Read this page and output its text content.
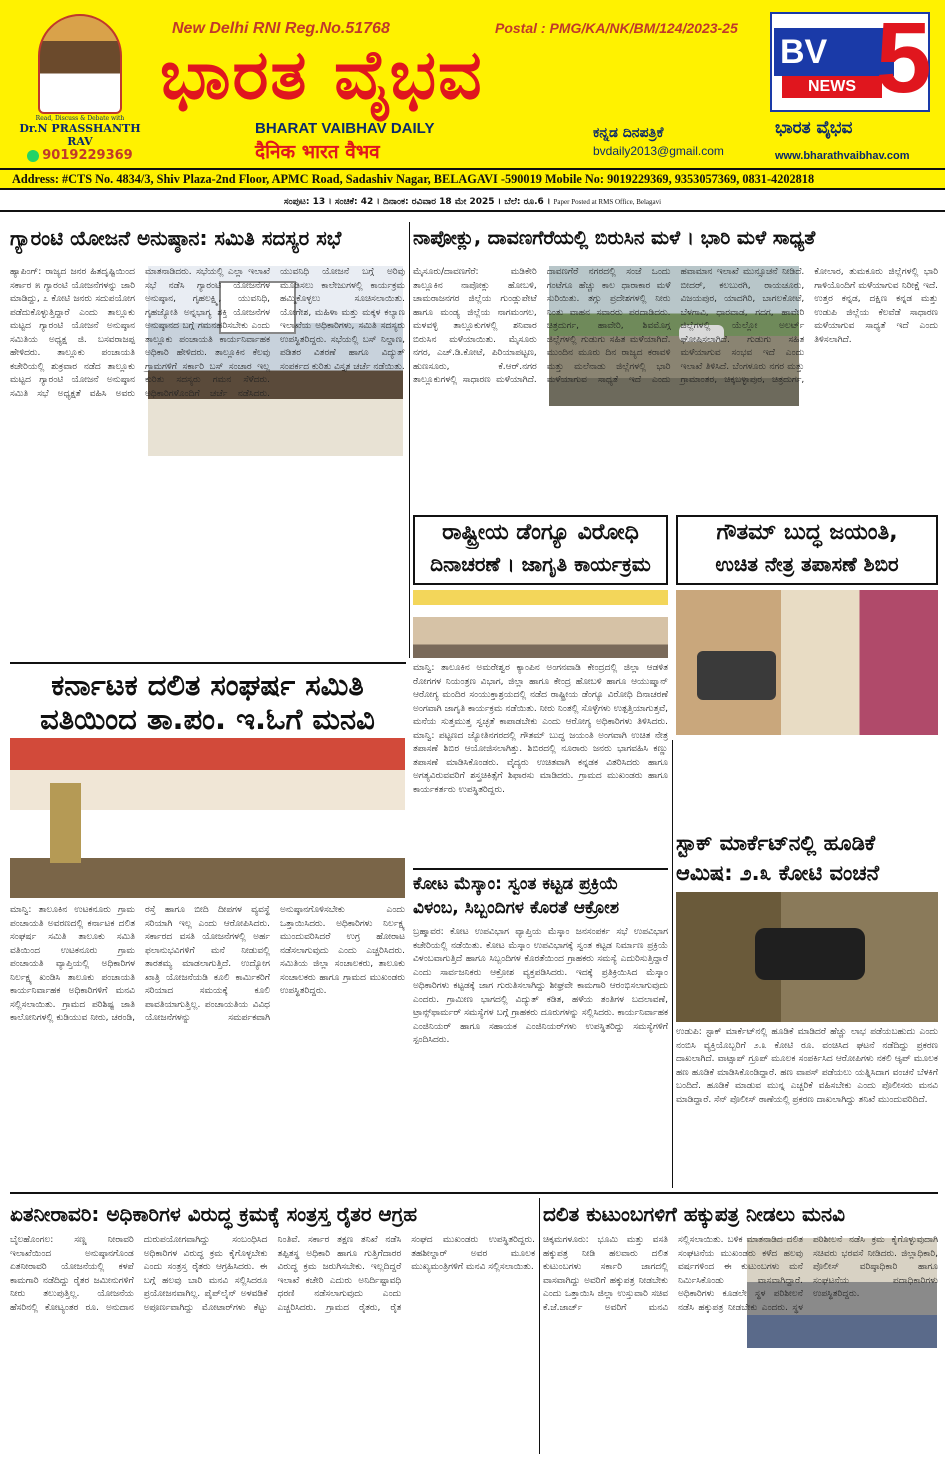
Read, Discuss & Debate with
Dr.N PRASSHANTH RAV
9019229369
New Delhi RNI Reg.No.51768	Postal : PMG/KA/NK/BM/124/2023-25
ಭಾರತ ವೈಭವ
BHARAT VAIBHAV DAILY
दैनिक भारत वैभव
ಕನ್ನಡ ದಿನಪತ್ರಿಕೆ
bvdaily2013@gmail.com
BV
NEWS 5
ಭಾರತ ವೈಭವ
www.bharathvaibhav.com
Address: #CTS No. 4834/3, Shiv Plaza-2nd Floor, APMC Road, Sadashiv Nagar, BELAGAVI -590019 Mobile No: 9019229369, 9353057369, 0831-4202818
ಸಂಪುಟ: 13 । ಸಂಚಿಕೆ: 42 । ದಿನಾಂಕ: ರವಿವಾರ 18 ಮೇ 2025 । ಬೆಲೆ: ರೂ.6 । Paper Posted at RMS Office, Belagavi
ಗ್ಯಾರಂಟಿ ಯೋಜನೆ ಅನುಷ್ಠಾನ: ಸಮಿತಿ ಸದಸ್ಯರ ಸಭೆ
ಹ್ಯಾಪಿಂಗ್: ರಾಜ್ಯದ ಜನರ ಹಿತದೃಷ್ಟಿಯಿಂದ ಸರ್ಕಾರ ೫ ಗ್ಯಾರಂಟಿ ಯೋಜನೆಗಳನ್ನು ಜಾರಿ ಮಾಡಿದ್ದು, ೭ ಕೋಟಿ ಜನರು ಸದುಪಯೋಗ ಪಡೆದುಕೊಳ್ಳುತ್ತಿದ್ದಾರೆ ಎಂದು ತಾಲ್ಲೂಕು ಮಟ್ಟದ ಗ್ಯಾರಂಟಿ ಯೋಜನೆ ಅನುಷ್ಠಾನ ಸಮಿತಿಯ ಅಧ್ಯಕ್ಷ ಜಿ. ಬಸವರಾಜಪ್ಪ ಹೇಳಿದರು. ತಾಲ್ಲೂಕು ಪಂಚಾಯತಿ ಕಚೇರಿಯಲ್ಲಿ ಶುಕ್ರವಾರ ನಡೆದ ತಾಲ್ಲೂಕು ಮಟ್ಟದ ಗ್ಯಾರಂಟಿ ಯೋಜನೆ ಅನುಷ್ಠಾನ ಸಮಿತಿ ಸಭೆ ಅಧ್ಯಕ್ಷತೆ ವಹಿಸಿ ಅವರು ಮಾತನಾಡಿದರು. ಸಭೆಯಲ್ಲಿ ಎಲ್ಲಾ ಇಲಾಖೆ ಸಭೆ ನಡೆಸಿ ಗ್ಯಾರಂಟಿ ಯೋಜನೆಗಳ ಅನುಷ್ಠಾನ, ಗೃಹಲಕ್ಷ್ಮಿ, ಯುವನಿಧಿ, ಗೃಹಜ್ಯೋತಿ ಅನ್ನಭಾಗ್ಯ ಶಕ್ತಿ ಯೋಜನೆಗಳ ಅನುಷ್ಠಾನದ ಬಗ್ಗೆ ಗಮನಹರಿಸಬೇಕು ಎಂದು ತಾಲ್ಲೂಕು ಪಂಚಾಯತಿ ಕಾರ್ಯನಿರ್ವಾಹಕ ಅಧಿಕಾರಿ ಹೇಳಿದರು. ತಾಲ್ಲೂಕಿನ ಕೆಲವು ಗ್ರಾಮಗಳಿಗೆ ಸರ್ಕಾರಿ ಬಸ್ ಸಂಚಾರ ಇಲ್ಲ ಕುರಿತು ಸದಸ್ಯರು ಗಮನ ಸೆಳೆದರು. ಅಧಿಕಾರಿಗಳೊಂದಿಗೆ ಚರ್ಚೆ ನಡೆಸಿದರು. ಯುವನಿಧಿ ಯೋಜನೆ ಬಗ್ಗೆ ಅರಿವು ಮೂಡಿಸಲು ಕಾಲೇಜುಗಳಲ್ಲಿ ಕಾರ್ಯಕ್ರಮ ಹಮ್ಮಿಕೊಳ್ಳಲು ಸೂಚಿಸಲಾಯಿತು. ಯೋಗೇಶ, ಮಹಿಳಾ ಮತ್ತು ಮಕ್ಕಳ ಕಲ್ಯಾಣ ಇಲಾಖೆಯ ಅಧಿಕಾರಿಗಳು, ಸಮಿತಿ ಸದಸ್ಯರು ಉಪಸ್ಥಿತರಿದ್ದರು. ಸಭೆಯಲ್ಲಿ ಬಸ್ ನಿಲ್ದಾಣ, ಪಡಿತರ ವಿತರಣೆ ಹಾಗೂ ವಿದ್ಯುತ್ ಸಂಪರ್ಕದ ಕುರಿತು ವಿಸ್ತೃತ ಚರ್ಚೆ ನಡೆಯಿತು.
ನಾಪೋಕ್ಲು, ದಾವಣಗೆರೆಯಲ್ಲಿ ಬಿರುಸಿನ ಮಳೆ । ಭಾರಿ ಮಳೆ ಸಾಧ್ಯತೆ
ಮೈಸೂರು/ದಾವಣಗೆರೆ: ಮಡಿಕೇರಿ ತಾಲ್ಲೂಕಿನ ನಾಪೋಕ್ಲು ಹೋಬಳಿ, ಚಾಮರಾಜನಗರ ಜಿಲ್ಲೆಯ ಗುಂಡ್ಲುಪೇಟೆ ಹಾಗೂ ಮಂಡ್ಯ ಜಿಲ್ಲೆಯ ನಾಗಮಂಗಲ, ಮಳವಳ್ಳಿ ತಾಲ್ಲೂಕುಗಳಲ್ಲಿ ಶನಿವಾರ ಬಿರುಸಿನ ಮಳೆಯಾಯಿತು. ಮೈಸೂರು ನಗರ, ಎಚ್.ಡಿ.ಕೋಟೆ, ಪಿರಿಯಾಪಟ್ಟಣ, ಹುಣಸೂರು, ಕೆ.ಆರ್.ನಗರ ತಾಲ್ಲೂಕುಗಳಲ್ಲಿ ಸಾಧಾರಣ ಮಳೆಯಾಗಿದೆ. ದಾವಣಗೆರೆ ನಗರದಲ್ಲಿ ಸಂಜೆ ಒಂದು ಗಂಟೆಗೂ ಹೆಚ್ಚು ಕಾಲ ಧಾರಾಕಾರ ಮಳೆ ಸುರಿಯಿತು. ತಗ್ಗು ಪ್ರದೇಶಗಳಲ್ಲಿ ನೀರು ನಿಂತು ವಾಹನ ಸವಾರರು ಪರದಾಡಿದರು. ಚಿತ್ರದುರ್ಗ, ಹಾವೇರಿ, ಶಿವಮೊಗ್ಗ ಜಿಲ್ಲೆಗಳಲ್ಲಿ ಗುಡುಗು ಸಹಿತ ಮಳೆಯಾಗಿದೆ. ಮುಂದಿನ ಮೂರು ದಿನ ರಾಜ್ಯದ ಕರಾವಳಿ ಮತ್ತು ಮಲೆನಾಡು ಜಿಲ್ಲೆಗಳಲ್ಲಿ ಭಾರಿ ಮಳೆಯಾಗುವ ಸಾಧ್ಯತೆ ಇದೆ ಎಂದು ಹವಾಮಾನ ಇಲಾಖೆ ಮುನ್ಸೂಚನೆ ನೀಡಿದೆ. ಬೀದರ್, ಕಲಬುರಗಿ, ರಾಯಚೂರು, ವಿಜಯಪುರ, ಯಾದಗಿರಿ, ಬಾಗಲಕೋಟೆ, ಬೆಳಗಾವಿ, ಧಾರವಾಡ, ಗದಗ, ಹಾವೇರಿ ಜಿಲ್ಲೆಗಳಲ್ಲಿ ಯೆಲ್ಲೋ ಅಲರ್ಟ್ ಘೋಷಿಸಲಾಗಿದೆ. ಗುಡುಗು ಸಹಿತ ಮಳೆಯಾಗುವ ಸಂಭವ ಇದೆ ಎಂದು ಇಲಾಖೆ ತಿಳಿಸಿದೆ. ಬೆಂಗಳೂರು ನಗರ ಮತ್ತು ಗ್ರಾಮಾಂತರ, ಚಿಕ್ಕಬಳ್ಳಾಪುರ, ಚಿತ್ರದುರ್ಗ, ಕೋಲಾರ, ತುಮಕೂರು ಜಿಲ್ಲೆಗಳಲ್ಲಿ ಭಾರಿ ಗಾಳಿಯೊಂದಿಗೆ ಮಳೆಯಾಗುವ ನಿರೀಕ್ಷೆ ಇದೆ. ಉತ್ತರ ಕನ್ನಡ, ದಕ್ಷಿಣ ಕನ್ನಡ ಮತ್ತು ಉಡುಪಿ ಜಿಲ್ಲೆಯ ಕೆಲವೆಡೆ ಸಾಧಾರಣ ಮಳೆಯಾಗುವ ಸಾಧ್ಯತೆ ಇದೆ ಎಂದು ತಿಳಿಸಲಾಗಿದೆ.
ರಾಷ್ಟ್ರೀಯ ಡೆಂಗ್ಯೂ ವಿರೋಧಿ
ದಿನಾಚರಣೆ । ಜಾಗೃತಿ ಕಾರ್ಯಕ್ರಮ
ಗೌತಮ್ ಬುದ್ಧ ಜಯಂತಿ,
ಉಚಿತ ನೇತ್ರ ತಪಾಸಣೆ ಶಿಬಿರ
ಮಾನ್ವಿ: ತಾಲೂಕಿನ ಅಮರೇಶ್ವರ ಕ್ಯಾಂಪಿನ ಅಂಗನವಾಡಿ ಕೇಂದ್ರದಲ್ಲಿ ಜಿಲ್ಲಾ ಆಡಳಿತ ರೋಗಗಳ ನಿಯಂತ್ರಣ ವಿಭಾಗ, ಜಿಲ್ಲಾ ಹಾಗೂ ಕೇಂದ್ರ ಹೋಬಳಿ ಹಾಗೂ ಆಯುಷ್ಮಾನ್ ಆರೋಗ್ಯ ಮಂದಿರ ಸಂಯುಕ್ತಾಶ್ರಯದಲ್ಲಿ ನಡೆದ ರಾಷ್ಟ್ರೀಯ ಡೆಂಗ್ಯೂ ವಿರೋಧಿ ದಿನಾಚರಣೆ ಅಂಗವಾಗಿ ಜಾಗೃತಿ ಕಾರ್ಯಕ್ರಮ ನಡೆಯಿತು. ನೀರು ನಿಂತಲ್ಲಿ ಸೊಳ್ಳೆಗಳು ಉತ್ಪತ್ತಿಯಾಗುತ್ತವೆ, ಮನೆಯ ಸುತ್ತಮುತ್ತ ಸ್ವಚ್ಛತೆ ಕಾಪಾಡಬೇಕು ಎಂದು ಆರೋಗ್ಯ ಅಧಿಕಾರಿಗಳು ತಿಳಿಸಿದರು. ಮಾನ್ವಿ: ಪಟ್ಟಣದ ಜ್ಯೋತಿನಗರದಲ್ಲಿ ಗೌತಮ್ ಬುದ್ಧ ಜಯಂತಿ ಅಂಗವಾಗಿ ಉಚಿತ ನೇತ್ರ ತಪಾಸಣೆ ಶಿಬಿರ ಆಯೋಜಿಸಲಾಗಿತ್ತು. ಶಿಬಿರದಲ್ಲಿ ನೂರಾರು ಜನರು ಭಾಗವಹಿಸಿ ಕಣ್ಣು ತಪಾಸಣೆ ಮಾಡಿಸಿಕೊಂಡರು. ವೈದ್ಯರು ಉಚಿತವಾಗಿ ಕನ್ನಡಕ ವಿತರಿಸಿದರು ಹಾಗೂ ಅಗತ್ಯವಿರುವವರಿಗೆ ಶಸ್ತ್ರಚಿಕಿತ್ಸೆಗೆ ಶಿಫಾರಸು ಮಾಡಿದರು. ಗ್ರಾಮದ ಮುಖಂಡರು ಹಾಗೂ ಕಾರ್ಯಕರ್ತರು ಉಪಸ್ಥಿತರಿದ್ದರು.
ಕರ್ನಾಟಕ ದಲಿತ ಸಂಘರ್ಷ ಸಮಿತಿ
ವತಿಯಿಂದ ತಾ.ಪಂ. ಇ.ಓಗೆ ಮನವಿ
ಮಾನ್ವಿ: ತಾಲೂಕಿನ ಉಟಕನೂರು ಗ್ರಾಮ ಪಂಚಾಯತಿ ಅವರಣದಲ್ಲಿ ಕರ್ನಾಟಕ ದಲಿತ ಸಂಘರ್ಷ ಸಮಿತಿ ತಾಲೂಕು ಸಮಿತಿ ವತಿಯಿಂದ ಉಟಕನೂರು ಗ್ರಾಮ ಪಂಚಾಯತಿ ವ್ಯಾಪ್ತಿಯಲ್ಲಿ ಅಧಿಕಾರಿಗಳ ನಿರ್ಲಕ್ಷ್ಯ ಖಂಡಿಸಿ ತಾಲೂಕು ಪಂಚಾಯತಿ ಕಾರ್ಯನಿರ್ವಾಹಕ ಅಧಿಕಾರಿಗಳಿಗೆ ಮನವಿ ಸಲ್ಲಿಸಲಾಯಿತು. ಗ್ರಾಮದ ಪರಿಶಿಷ್ಟ ಜಾತಿ ಕಾಲೋನಿಗಳಲ್ಲಿ ಕುಡಿಯುವ ನೀರು, ಚರಂಡಿ, ರಸ್ತೆ ಹಾಗೂ ಬೀದಿ ದೀಪಗಳ ವ್ಯವಸ್ಥೆ ಸರಿಯಾಗಿ ಇಲ್ಲ ಎಂದು ಆರೋಪಿಸಿದರು. ಸರ್ಕಾರದ ವಸತಿ ಯೋಜನೆಗಳಲ್ಲಿ ಅರ್ಹ ಫಲಾನುಭವಿಗಳಿಗೆ ಮನೆ ನೀಡುವಲ್ಲಿ ತಾರತಮ್ಯ ಮಾಡಲಾಗುತ್ತಿದೆ. ಉದ್ಯೋಗ ಖಾತ್ರಿ ಯೋಜನೆಯಡಿ ಕೂಲಿ ಕಾರ್ಮಿಕರಿಗೆ ಸರಿಯಾದ ಸಮಯಕ್ಕೆ ಕೂಲಿ ಪಾವತಿಯಾಗುತ್ತಿಲ್ಲ. ಪಂಚಾಯತಿಯ ವಿವಿಧ ಯೋಜನೆಗಳನ್ನು ಸಮರ್ಪಕವಾಗಿ ಅನುಷ್ಠಾನಗೊಳಿಸಬೇಕು ಎಂದು ಒತ್ತಾಯಿಸಿದರು. ಅಧಿಕಾರಿಗಳು ನಿರ್ಲಕ್ಷ್ಯ ಮುಂದುವರಿಸಿದರೆ ಉಗ್ರ ಹೋರಾಟ ನಡೆಸಲಾಗುವುದು ಎಂದು ಎಚ್ಚರಿಸಿದರು. ಸಮಿತಿಯ ಜಿಲ್ಲಾ ಸಂಚಾಲಕರು, ತಾಲೂಕು ಸಂಚಾಲಕರು ಹಾಗೂ ಗ್ರಾಮದ ಮುಖಂಡರು ಉಪಸ್ಥಿತರಿದ್ದರು.
ಕೋಟ ಮೆಸ್ಕಾಂ: ಸ್ವಂತ ಕಟ್ಟಡ ಪ್ರಕ್ರಿಯೆ
ವಿಳಂಬ, ಸಿಬ್ಬಂದಿಗಳ ಕೊರತೆ ಆಕ್ರೋಶ
ಬ್ರಹ್ಮಾವರ: ಕೋಟ ಉಪವಿಭಾಗ ವ್ಯಾಪ್ತಿಯ ಮೆಸ್ಕಾಂ ಜನಸಂಪರ್ಕ ಸಭೆ ಉಪವಿಭಾಗ ಕಚೇರಿಯಲ್ಲಿ ನಡೆಯಿತು. ಕೋಟ ಮೆಸ್ಕಾಂ ಉಪವಿಭಾಗಕ್ಕೆ ಸ್ವಂತ ಕಟ್ಟಡ ನಿರ್ಮಾಣ ಪ್ರಕ್ರಿಯೆ ವಿಳಂಬವಾಗುತ್ತಿದೆ ಹಾಗೂ ಸಿಬ್ಬಂದಿಗಳ ಕೊರತೆಯಿಂದ ಗ್ರಾಹಕರು ಸಮಸ್ಯೆ ಎದುರಿಸುತ್ತಿದ್ದಾರೆ ಎಂದು ಸಾರ್ವಜನಿಕರು ಆಕ್ರೋಶ ವ್ಯಕ್ತಪಡಿಸಿದರು. ಇದಕ್ಕೆ ಪ್ರತಿಕ್ರಿಯಿಸಿದ ಮೆಸ್ಕಾಂ ಅಧಿಕಾರಿಗಳು ಕಟ್ಟಡಕ್ಕೆ ಜಾಗ ಗುರುತಿಸಲಾಗಿದ್ದು ಶೀಘ್ರವೇ ಕಾಮಗಾರಿ ಆರಂಭಿಸಲಾಗುವುದು ಎಂದರು. ಗ್ರಾಮೀಣ ಭಾಗದಲ್ಲಿ ವಿದ್ಯುತ್ ಕಡಿತ, ಹಳೆಯ ತಂತಿಗಳ ಬದಲಾವಣೆ, ಟ್ರಾನ್ಸ್‌ಫಾರ್ಮರ್ ಸಮಸ್ಯೆಗಳ ಬಗ್ಗೆ ಗ್ರಾಹಕರು ದೂರುಗಳನ್ನು ಸಲ್ಲಿಸಿದರು. ಕಾರ್ಯನಿರ್ವಾಹಕ ಎಂಜಿನಿಯರ್ ಹಾಗೂ ಸಹಾಯಕ ಎಂಜಿನಿಯರ್‌ಗಳು ಉಪಸ್ಥಿತರಿದ್ದು ಸಮಸ್ಯೆಗಳಿಗೆ ಸ್ಪಂದಿಸಿದರು.
ಸ್ಟಾಕ್ ಮಾರ್ಕೆಟ್‌ನಲ್ಲಿ ಹೂಡಿಕೆ
ಆಮಿಷ: ೨.೩ ಕೋಟಿ ವಂಚನೆ
ಉಡುಪಿ: ಸ್ಟಾಕ್ ಮಾರ್ಕೆಟ್‌ನಲ್ಲಿ ಹೂಡಿಕೆ ಮಾಡಿದರೆ ಹೆಚ್ಚು ಲಾಭ ಪಡೆಯಬಹುದು ಎಂದು ನಂಬಿಸಿ ವ್ಯಕ್ತಿಯೊಬ್ಬರಿಗೆ ೨.೩ ಕೋಟಿ ರೂ. ವಂಚಿಸಿದ ಘಟನೆ ನಡೆದಿದ್ದು ಪ್ರಕರಣ ದಾಖಲಾಗಿದೆ. ವಾಟ್ಸಾಪ್ ಗ್ರೂಪ್ ಮೂಲಕ ಸಂಪರ್ಕಿಸಿದ ಆರೋಪಿಗಳು ನಕಲಿ ಆ್ಯಪ್ ಮೂಲಕ ಹಣ ಹೂಡಿಕೆ ಮಾಡಿಸಿಕೊಂಡಿದ್ದಾರೆ. ಹಣ ವಾಪಸ್ ಪಡೆಯಲು ಯತ್ನಿಸಿದಾಗ ವಂಚನೆ ಬೆಳಕಿಗೆ ಬಂದಿದೆ. ಹೂಡಿಕೆ ಮಾಡುವ ಮುನ್ನ ಎಚ್ಚರಿಕೆ ವಹಿಸಬೇಕು ಎಂದು ಪೊಲೀಸರು ಮನವಿ ಮಾಡಿದ್ದಾರೆ. ಸೆನ್ ಪೊಲೀಸ್ ಠಾಣೆಯಲ್ಲಿ ಪ್ರಕರಣ ದಾಖಲಾಗಿದ್ದು ತನಿಖೆ ಮುಂದುವರಿದಿದೆ.
ಏತನೀರಾವರಿ: ಅಧಿಕಾರಿಗಳ ವಿರುದ್ಧ ಕ್ರಮಕ್ಕೆ ಸಂತ್ರಸ್ತ ರೈತರ ಆಗ್ರಹ
ಬೈಲಹೊಂಗಲ: ಸಣ್ಣ ನೀರಾವರಿ ಇಲಾಖೆಯಿಂದ ಅನುಷ್ಠಾನಗೊಂಡ ಏತನೀರಾವರಿ ಯೋಜನೆಯಲ್ಲಿ ಕಳಪೆ ಕಾಮಗಾರಿ ನಡೆದಿದ್ದು ರೈತರ ಜಮೀನುಗಳಿಗೆ ನೀರು ತಲುಪುತ್ತಿಲ್ಲ. ಯೋಜನೆಯ ಹೆಸರಿನಲ್ಲಿ ಕೋಟ್ಯಂತರ ರೂ. ಅನುದಾನ ದುರುಪಯೋಗವಾಗಿದ್ದು ಸಂಬಂಧಿಸಿದ ಅಧಿಕಾರಿಗಳ ವಿರುದ್ಧ ಕ್ರಮ ಕೈಗೊಳ್ಳಬೇಕು ಎಂದು ಸಂತ್ರಸ್ತ ರೈತರು ಆಗ್ರಹಿಸಿದರು. ಈ ಬಗ್ಗೆ ಹಲವು ಬಾರಿ ಮನವಿ ಸಲ್ಲಿಸಿದರೂ ಪ್ರಯೋಜನವಾಗಿಲ್ಲ. ಪೈಪ್‌ಲೈನ್ ಅಳವಡಿಕೆ ಅಪೂರ್ಣವಾಗಿದ್ದು ಮೋಟಾರ್‌ಗಳು ಕೆಟ್ಟು ನಿಂತಿವೆ. ಸರ್ಕಾರ ತಕ್ಷಣ ತನಿಖೆ ನಡೆಸಿ ತಪ್ಪಿತಸ್ಥ ಅಧಿಕಾರಿ ಹಾಗೂ ಗುತ್ತಿಗೆದಾರರ ವಿರುದ್ಧ ಕ್ರಮ ಜರುಗಿಸಬೇಕು. ಇಲ್ಲದಿದ್ದರೆ ಇಲಾಖೆ ಕಚೇರಿ ಎದುರು ಅನಿರ್ದಿಷ್ಟಾವಧಿ ಧರಣಿ ನಡೆಸಲಾಗುವುದು ಎಂದು ಎಚ್ಚರಿಸಿದರು. ಗ್ರಾಮದ ರೈತರು, ರೈತ ಸಂಘದ ಮುಖಂಡರು ಉಪಸ್ಥಿತರಿದ್ದರು. ತಹಶೀಲ್ದಾರ್ ಅವರ ಮೂಲಕ ಮುಖ್ಯಮಂತ್ರಿಗಳಿಗೆ ಮನವಿ ಸಲ್ಲಿಸಲಾಯಿತು.
ದಲಿತ ಕುಟುಂಬಗಳಿಗೆ ಹಕ್ಕುಪತ್ರ ನೀಡಲು ಮನವಿ
ಚಿಕ್ಕಮಗಳೂರು: ಭೂಮಿ ಮತ್ತು ವಸತಿ ಹಕ್ಕುಪತ್ರ ನೀಡಿ ಹಲವಾರು ದಲಿತ ಕುಟುಂಬಗಳು ಸರ್ಕಾರಿ ಜಾಗದಲ್ಲಿ ವಾಸವಾಗಿದ್ದು ಅವರಿಗೆ ಹಕ್ಕುಪತ್ರ ನೀಡಬೇಕು ಎಂದು ಒತ್ತಾಯಿಸಿ ಜಿಲ್ಲಾ ಉಸ್ತುವಾರಿ ಸಚಿವ ಕೆ.ಜೆ.ಜಾರ್ಜ್ ಅವರಿಗೆ ಮನವಿ ಸಲ್ಲಿಸಲಾಯಿತು. ಬಳಿಕ ಮಾತನಾಡಿದ ದಲಿತ ಸಂಘಟನೆಯ ಮುಖಂಡರು ಕಳೆದ ಹಲವು ವರ್ಷಗಳಿಂದ ಈ ಕುಟುಂಬಗಳು ಮನೆ ನಿರ್ಮಿಸಿಕೊಂಡು ವಾಸವಾಗಿದ್ದಾರೆ. ಅಧಿಕಾರಿಗಳು ಕೂಡಲೇ ಸ್ಥಳ ಪರಿಶೀಲನೆ ನಡೆಸಿ ಹಕ್ಕುಪತ್ರ ನೀಡಬೇಕು ಎಂದರು. ಸ್ಥಳ ಪರಿಶೀಲನೆ ನಡೆಸಿ ಕ್ರಮ ಕೈಗೊಳ್ಳುವುದಾಗಿ ಸಚಿವರು ಭರವಸೆ ನೀಡಿದರು. ಜಿಲ್ಲಾಧಿಕಾರಿ, ಪೊಲೀಸ್ ವರಿಷ್ಠಾಧಿಕಾರಿ ಹಾಗೂ ಸಂಘಟನೆಯ ಪದಾಧಿಕಾರಿಗಳು ಉಪಸ್ಥಿತರಿದ್ದರು.
